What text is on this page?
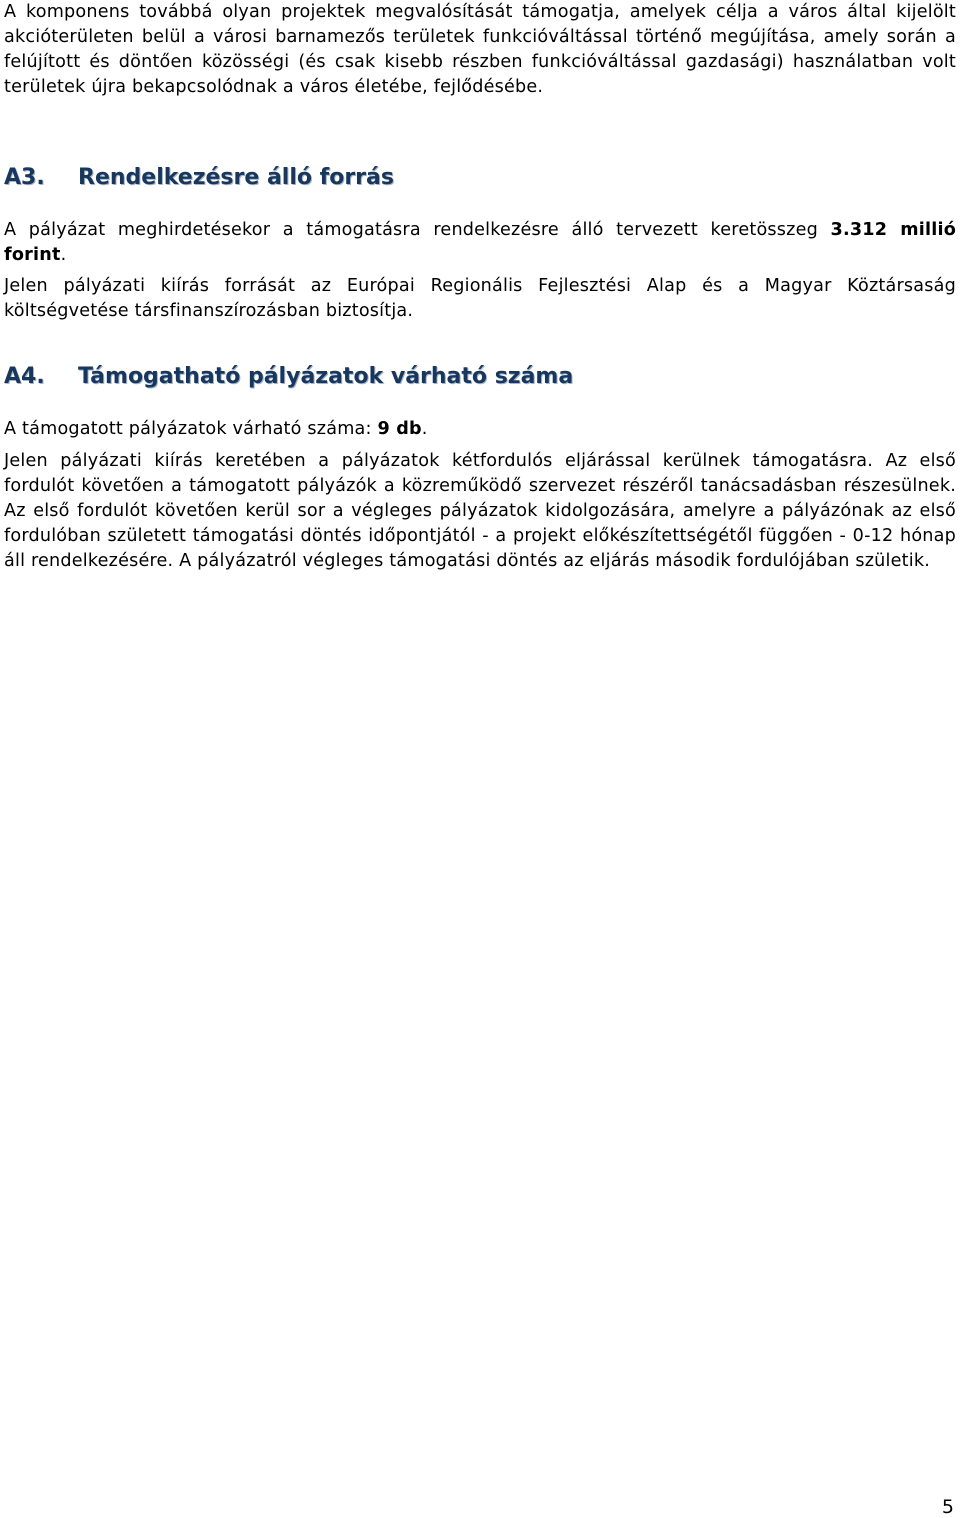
A komponens továbbá olyan projektek megvalósítását támogatja, amelyek célja a város által kijelölt akcióterületen belül a városi barnamezős területek funkcióváltással történő megújítása, amely során a felújított és döntően közösségi (és csak kisebb részben funkcióváltással gazdasági) használatban volt területek újra bekapcsolódnak a város életébe, fejlődésébe.

A3. Rendelkezésre álló forrás

A pályázat meghirdetésekor a támogatásra rendelkezésre álló tervezett keretösszeg 3.312 millió forint.

Jelen pályázati kiírás forrását az Európai Regionális Fejlesztési Alap és a Magyar Köztársaság költségvetése társfinanszírozásban biztosítja.

A4. Támogatható pályázatok várható száma

A támogatott pályázatok várható száma: 9 db.

Jelen pályázati kiírás keretében a pályázatok kétfordulós eljárással kerülnek támogatásra. Az első fordulót követően a támogatott pályázók a közreműködő szervezet részéről tanácsadásban részesülnek. Az első fordulót követően kerül sor a végleges pályázatok kidolgozására, amelyre a pályázónak az első fordulóban született támogatási döntés időpontjától - a projekt előkészítettségétől függően - 0-12 hónap áll rendelkezésére. A pályázatról végleges támogatási döntés az eljárás második fordulójában születik.

5
